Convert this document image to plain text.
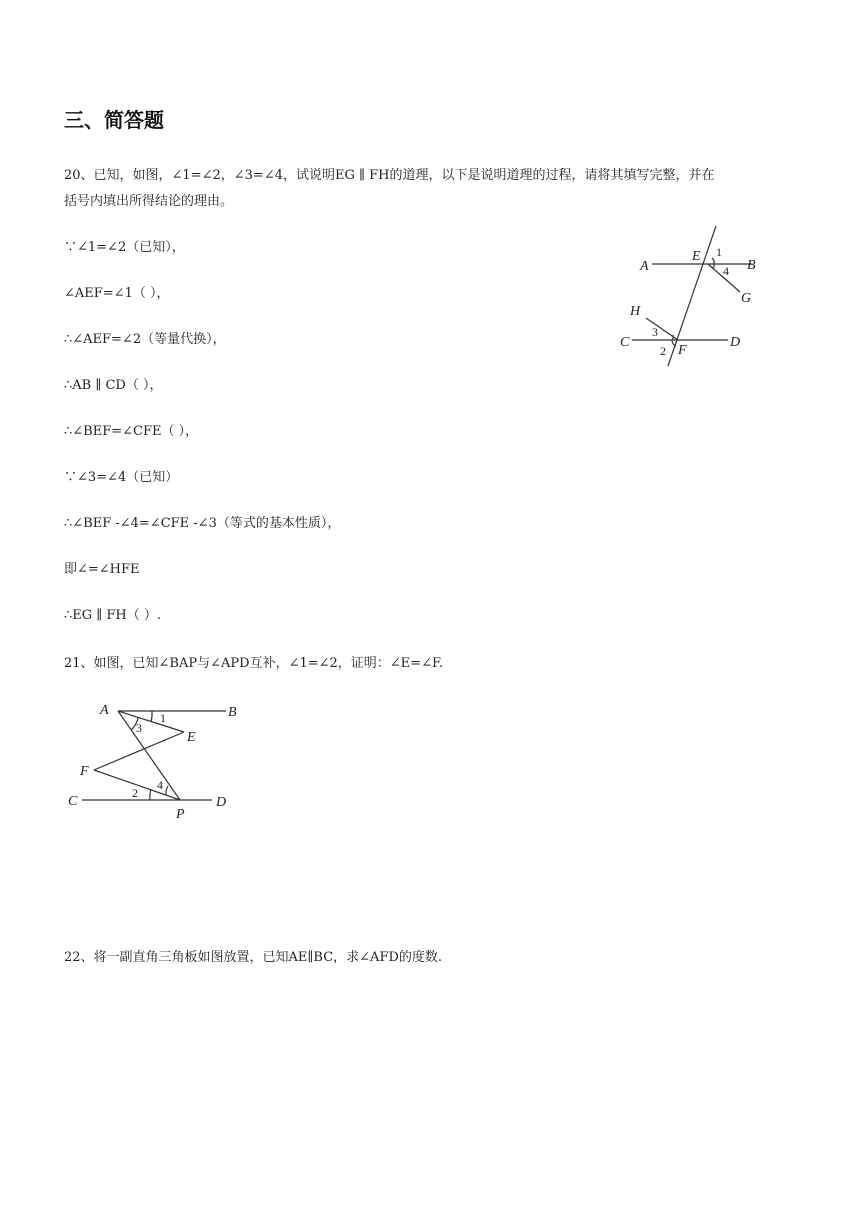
三、简答题
20、已知，如图，∠1=∠2，∠3=∠4，试说明EG ∥ FH的道理，以下是说明道理的过程，请将其填写完整，并在
括号内填出所得结论的理由。
∵∠1=∠2（已知），
∠AEF=∠1（ ），
∴∠AEF=∠2（等量代换），
∴AB ∥ CD（ ），
∴∠BEF=∠CFE（ ），
∵∠3=∠4（已知）
∴∠BEF -∠4=∠CFE -∠3（等式的基本性质），
即∠=∠HFE
∴EG ∥ FH（ ）.
A
E
B
G
H
C
F
D
1
4
3
2
21、如图，已知∠BAP与∠APD互补，∠1=∠2，证明：∠E=∠F.
A	B
E
F
C	D
P
1
3
4
2
22、将一副直角三角板如图放置，已知AE∥BC，求∠AFD的度数.
